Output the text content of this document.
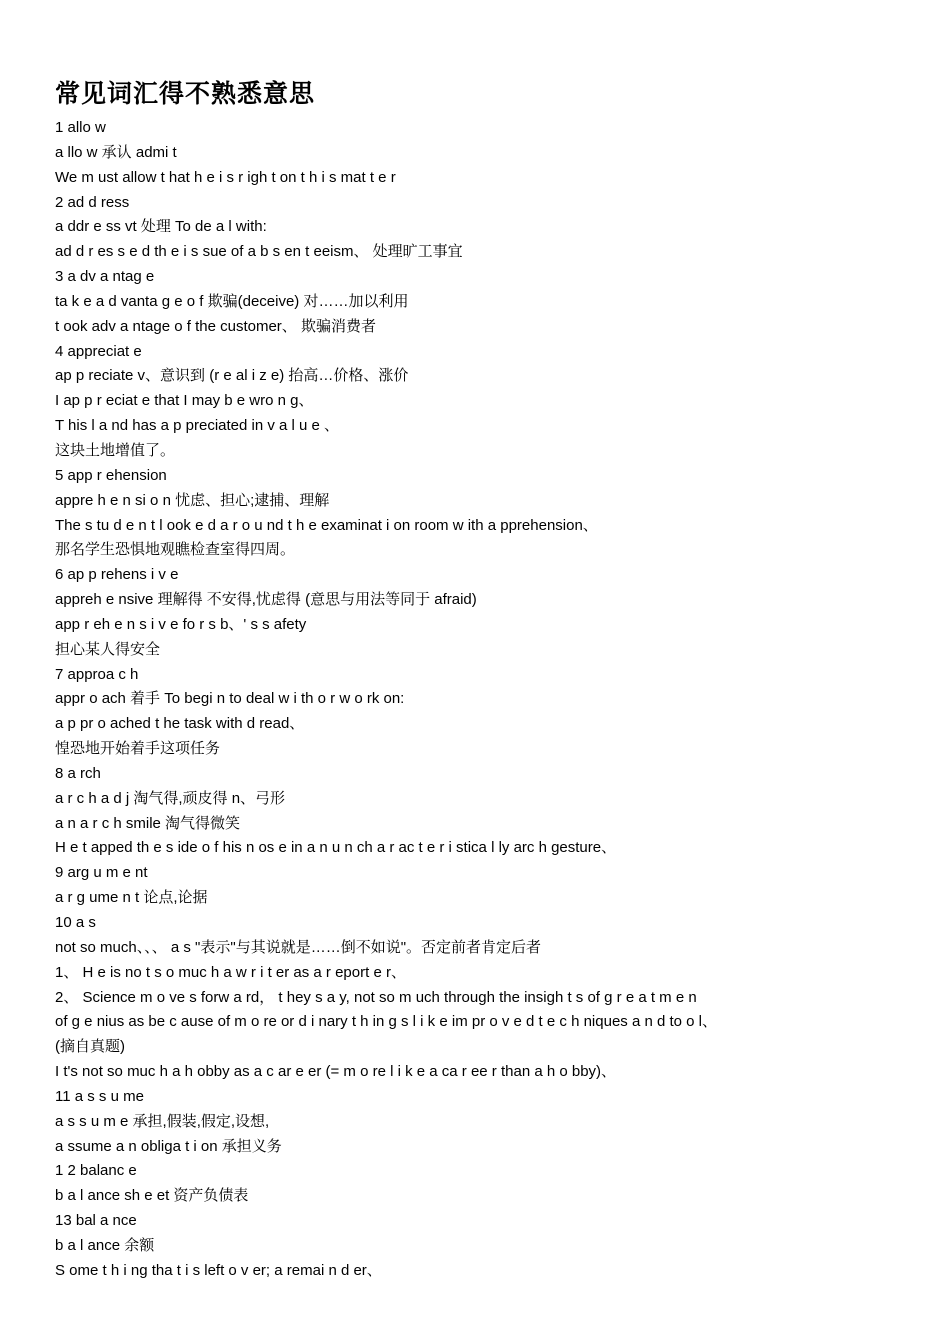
常见词汇得不熟悉意思
1 allo w
a llo w 承认 admi t
We m ust allow t hat h e i s r igh t on t h i s mat t e r
2 ad d ress
a ddr e ss vt 处理 To de a l with:
ad d r es s e d th e i s sue of a b s en t eeism、 处理旷工事宜
3 a dv a ntag e
ta k e a d vanta g e o f 欺骗(deceive) 对……加以利用
t ook adv a ntage o f the customer、 欺骗消费者
4 appreciat e
ap p reciate v、意识到 (r e al i z e) 抬高…价格、涨价
I ap p r eciat e that I may b e wro n g、
T his l a nd has a p preciated in v a l u e 、
这块土地增值了。
5 app r ehension
appre h e n si o n 忧虑、担心;逮捕、理解
The s tu d e n t l ook e d a r o u nd t h e examinat i on room w ith a pprehension、
那名学生恐惧地观瞧检查室得四周。
6 ap p rehens i v e
appreh e nsive 理解得 不安得,忧虑得 (意思与用法等同于 afraid)
app r eh e n s i v e fo r s b、' s s afety
担心某人得安全
7 approa c h
appr o ach 着手 To begi n to deal w i th o r w o rk on:
a p pr o ached t he task with d read、
惶恐地开始着手这项任务
8 a rch
a r c h a d j 淘气得,顽皮得 n、弓形
a n a r c h smile 淘气得微笑
H e t apped th e s ide o f his n os e in a n u n ch a r ac t e r i stica l ly arc h gesture、
9 arg u m e nt
a r g ume n t 论点,论据
10 a s
not so much、、、 a s "表示"与其说就是……倒不如说"。否定前者肯定后者
1、 H e is no t s o muc h a w r i t er as a r eport e r、
2、 Science m o ve s forw a rd， t hey s a y, not so m uch through the insigh t s of g r e a t m e n
of g e nius as be c ause of m o re or d i nary t h in g s l i k e im pr o v e d t e c h niques a n d to o l、
(摘自真题)
I t's not so muc h a h obby as a c ar e er (= m o re l i k e a ca r ee r than a h o bby)、
11 a s s u me
a s s u m e 承担,假装,假定,设想,
a ssume a n obliga t i on 承担义务
1 2 balanc e
b a l ance sh e et 资产负债表
13 bal a nce
b a l ance 余额
S ome t h i ng tha t i s left o v er; a remai n d er、
